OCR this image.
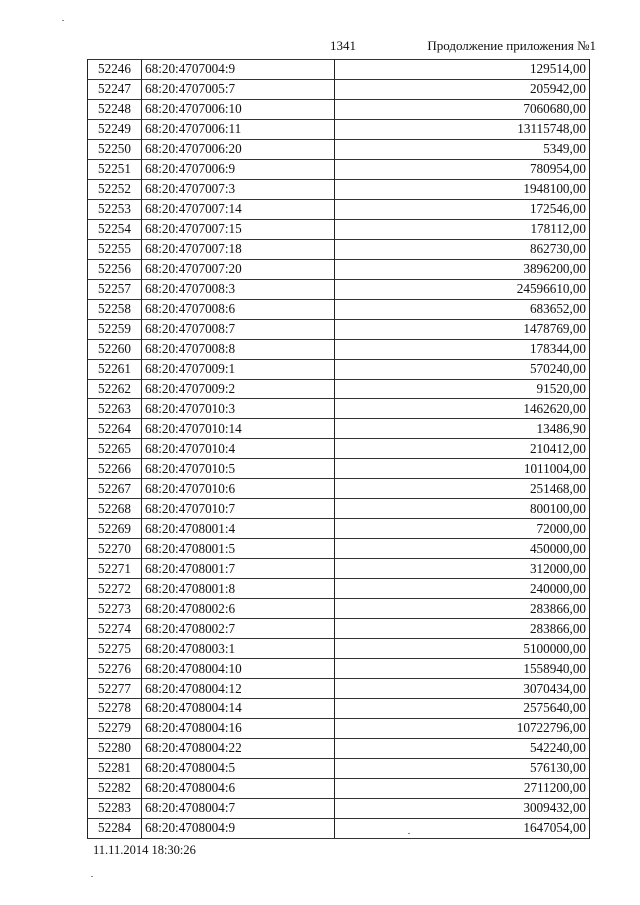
1341	Продолжение приложения №1
52246	68:20:4707004:9	129514,00
52247	68:20:4707005:7	205942,00
52248	68:20:4707006:10	7060680,00
52249	68:20:4707006:11	13115748,00
52250	68:20:4707006:20	5349,00
52251	68:20:4707006:9	780954,00
52252	68:20:4707007:3	1948100,00
52253	68:20:4707007:14	172546,00
52254	68:20:4707007:15	178112,00
52255	68:20:4707007:18	862730,00
52256	68:20:4707007:20	3896200,00
52257	68:20:4707008:3	24596610,00
52258	68:20:4707008:6	683652,00
52259	68:20:4707008:7	1478769,00
52260	68:20:4707008:8	178344,00
52261	68:20:4707009:1	570240,00
52262	68:20:4707009:2	91520,00
52263	68:20:4707010:3	1462620,00
52264	68:20:4707010:14	13486,90
52265	68:20:4707010:4	210412,00
52266	68:20:4707010:5	1011004,00
52267	68:20:4707010:6	251468,00
52268	68:20:4707010:7	800100,00
52269	68:20:4708001:4	72000,00
52270	68:20:4708001:5	450000,00
52271	68:20:4708001:7	312000,00
52272	68:20:4708001:8	240000,00
52273	68:20:4708002:6	283866,00
52274	68:20:4708002:7	283866,00
52275	68:20:4708003:1	5100000,00
52276	68:20:4708004:10	1558940,00
52277	68:20:4708004:12	3070434,00
52278	68:20:4708004:14	2575640,00
52279	68:20:4708004:16	10722796,00
52280	68:20:4708004:22	542240,00
52281	68:20:4708004:5	576130,00
52282	68:20:4708004:6	2711200,00
52283	68:20:4708004:7	3009432,00
52284	68:20:4708004:9	1647054,00
11.11.2014 18:30:26
